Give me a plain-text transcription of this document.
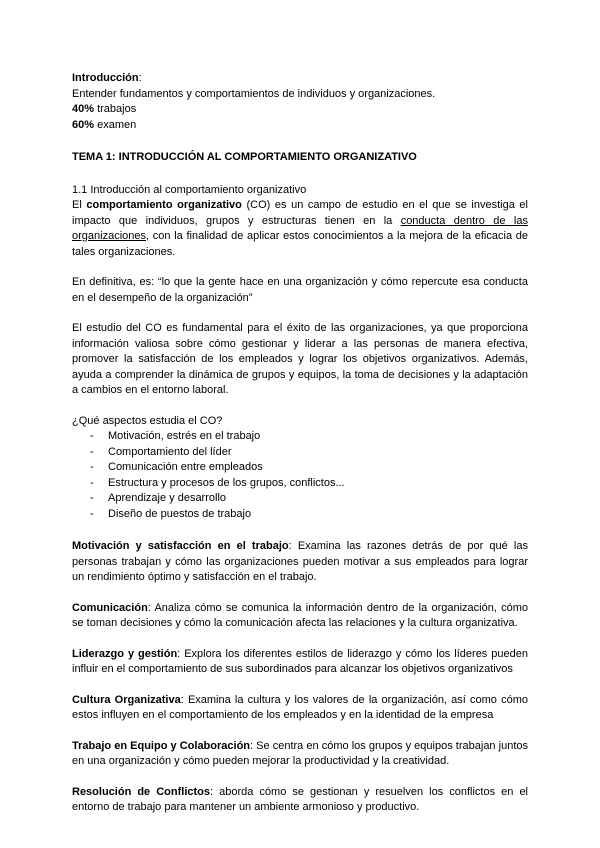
Introducción:

Entender fundamentos y comportamientos de individuos y organizaciones.

40% trabajos

60% examen

TEMA 1: INTRODUCCIÓN AL COMPORTAMIENTO ORGANIZATIVO

1.1 Introducción al comportamiento organizativo

El comportamiento organizativo (CO) es un campo de estudio en el que se investiga el impacto que individuos, grupos y estructuras tienen en la conducta dentro de las organizaciones, con la finalidad de aplicar estos conocimientos a la mejora de la eficacia de tales organizaciones.

En definitiva, es: “lo que la gente hace en una organización y cómo repercute esa conducta en el desempeño de la organización”

El estudio del CO es fundamental para el éxito de las organizaciones, ya que proporciona información valiosa sobre cómo gestionar y liderar a las personas de manera efectiva, promover la satisfacción de los empleados y lograr los objetivos organizativos. Además, ayuda a comprender la dinámica de grupos y equipos, la toma de decisiones y la adaptación a cambios en el entorno laboral.

¿Qué aspectos estudia el CO?

- Motivación, estrés en el trabajo
- Comportamiento del líder
- Comunicación entre empleados
- Estructura y procesos de los grupos, conflictos...
- Aprendizaje y desarrollo
- Diseño de puestos de trabajo

Motivación y satisfacción en el trabajo: Examina las razones detrás de por qué las personas trabajan y cómo las organizaciones pueden motivar a sus empleados para lograr un rendimiento óptimo y satisfacción en el trabajo.

Comunicación: Analiza cómo se comunica la información dentro de la organización, cómo se toman decisiones y cómo la comunicación afecta las relaciones y la cultura organizativa.

Liderazgo y gestión: Explora los diferentes estilos de liderazgo y cómo los líderes pueden influir en el comportamiento de sus subordinados para alcanzar los objetivos organizativos

Cultura Organizativa: Examina la cultura y los valores de la organización, así como cómo estos influyen en el comportamiento de los empleados y en la identidad de la empresa

Trabajo en Equipo y Colaboración: Se centra en cómo los grupos y equipos trabajan juntos en una organización y cómo pueden mejorar la productividad y la creatividad.

Resolución de Conflictos: aborda cómo se gestionan y resuelven los conflictos en el entorno de trabajo para mantener un ambiente armonioso y productivo.
